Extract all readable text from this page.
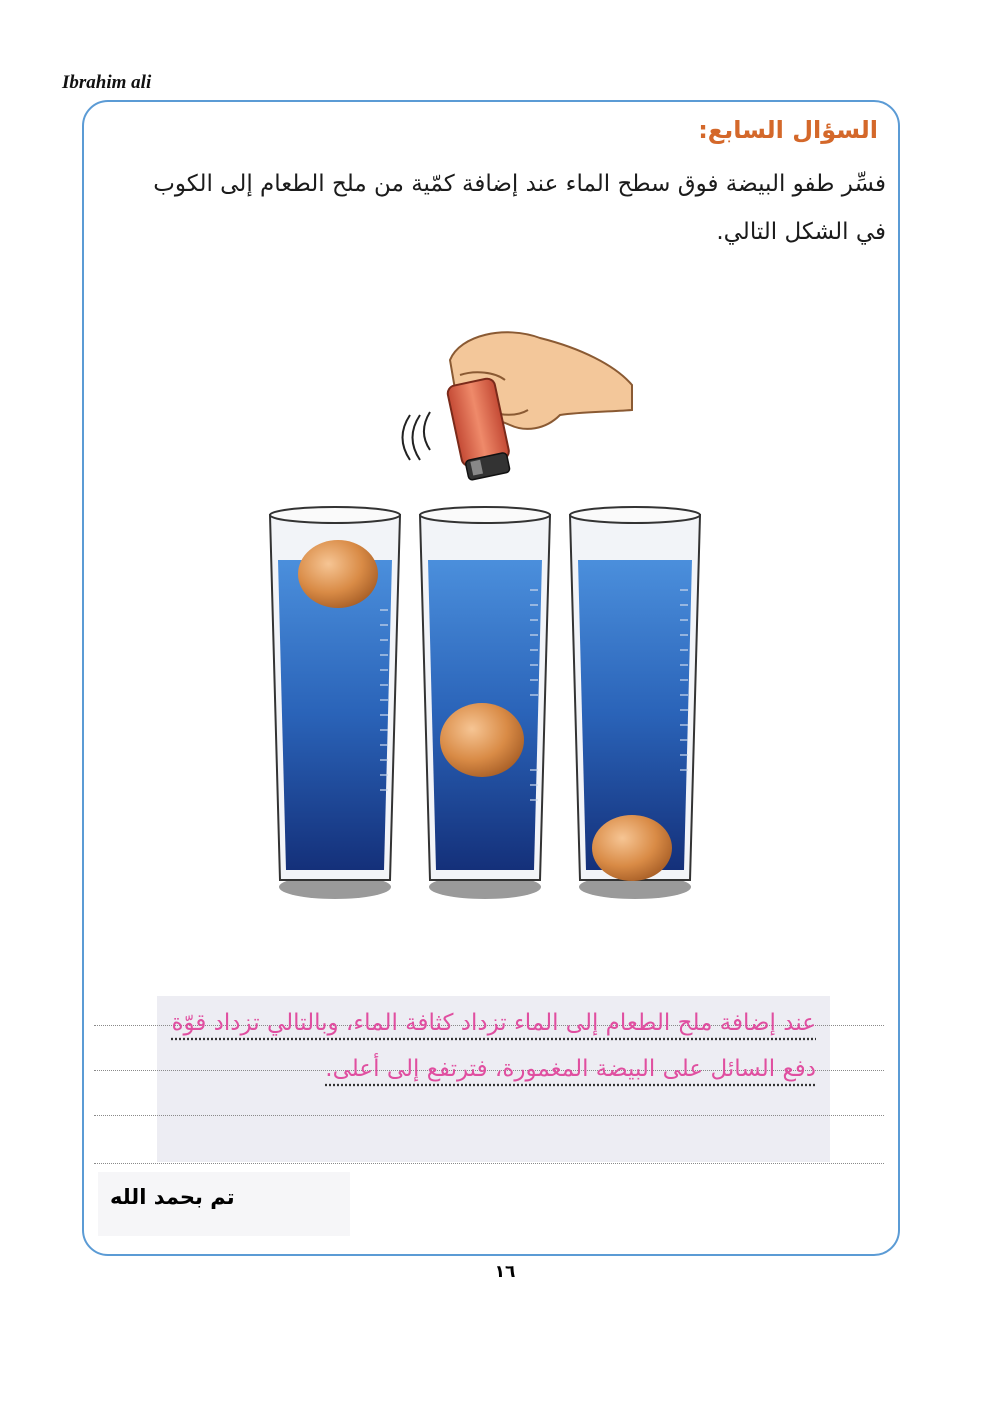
Ibrahim ali
السؤال السابع:
فسِّر طفو البيضة فوق سطح الماء عند إضافة كمّية من ملح الطعام إلى الكوب في الشكل التالي.
عند إضافة ملح الطعام إلى الماء تزداد كثافة الماء، وبالتالي تزداد قوّة دفع السائل على البيضة المغمورة، فترتفع إلى أعلى.
تم بحمد الله
١٦
